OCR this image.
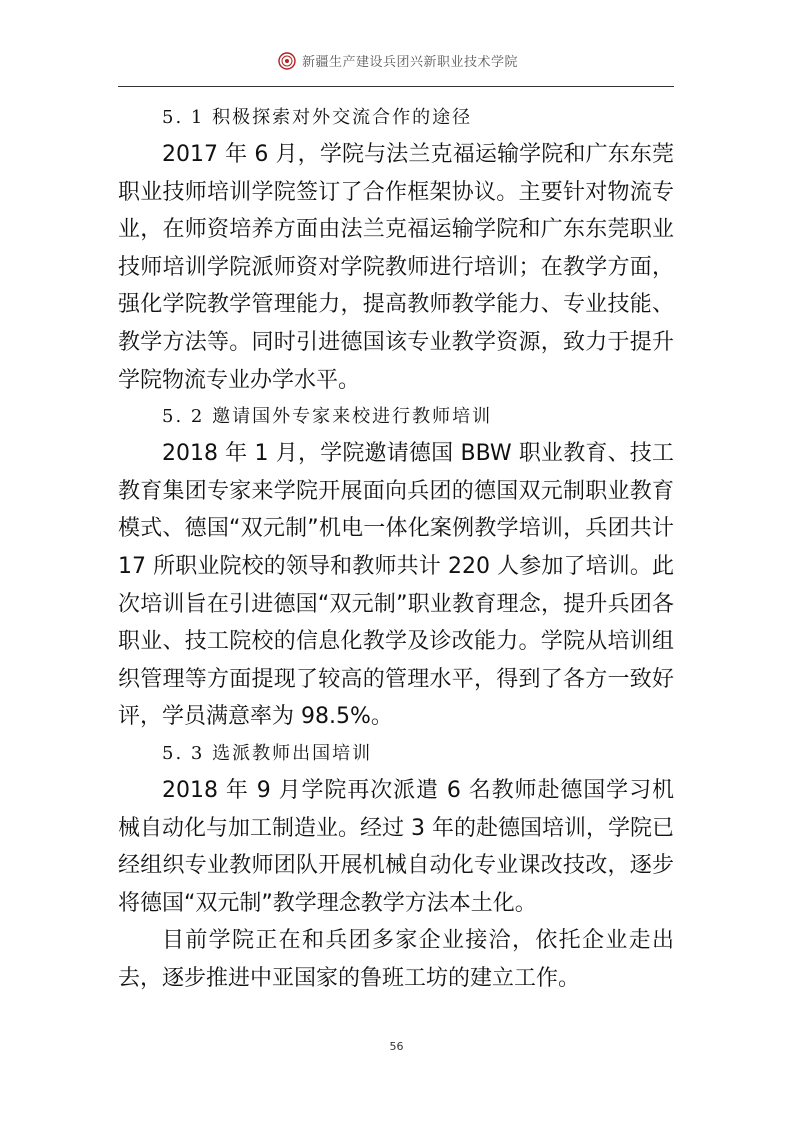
新疆生产建设兵团兴新职业技术学院
5. 1 积极探索对外交流合作的途径
2017 年 6 月，学院与法兰克福运输学院和广东东莞职业技师培训学院签订了合作框架协议。主要针对物流专业，在师资培养方面由法兰克福运输学院和广东东莞职业技师培训学院派师资对学院教师进行培训；在教学方面，强化学院教学管理能力，提高教师教学能力、专业技能、教学方法等。同时引进德国该专业教学资源，致力于提升学院物流专业办学水平。
5. 2 邀请国外专家来校进行教师培训
2018 年 1 月，学院邀请德国 BBW 职业教育、技工教育集团专家来学院开展面向兵团的德国双元制职业教育模式、德国“双元制”机电一体化案例教学培训，兵团共计 17 所职业院校的领导和教师共计 220 人参加了培训。此次培训旨在引进德国“双元制”职业教育理念，提升兵团各职业、技工院校的信息化教学及诊改能力。学院从培训组织管理等方面提现了较高的管理水平，得到了各方一致好评，学员满意率为 98.5%。
5. 3 选派教师出国培训
2018 年 9 月学院再次派遣 6 名教师赴德国学习机械自动化与加工制造业。经过 3 年的赴德国培训，学院已经组织专业教师团队开展机械自动化专业课改技改，逐步将德国“双元制”教学理念教学方法本土化。
目前学院正在和兵团多家企业接洽，依托企业走出去，逐步推进中亚国家的鲁班工坊的建立工作。
56
